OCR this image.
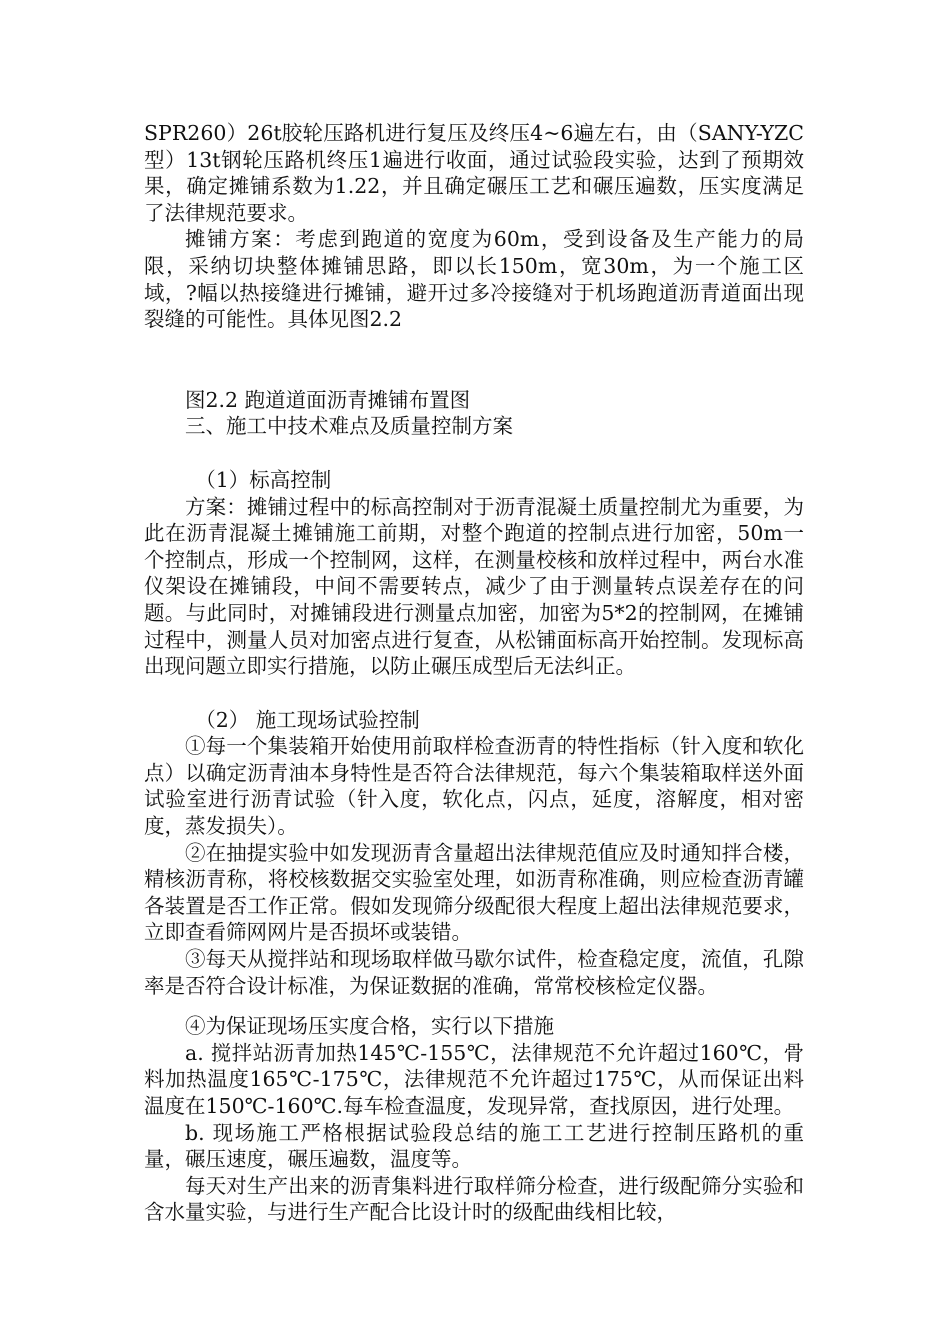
SPR260）26t胶轮压路机进行复压及终压4~6遍左右，由（SANY-YZC型）13t钢轮压路机终压1遍进行收面，通过试验段实验，达到了预期效果，确定摊铺系数为1.22，并且确定碾压工艺和碾压遍数，压实度满足了法律规范要求。

摊铺方案：考虑到跑道的宽度为60m，受到设备及生产能力的局限，采纳切块整体摊铺思路，即以长150m，宽30m，为一个施工区域，?幅以热接缝进行摊铺，避开过多冷接缝对于机场跑道沥青道面出现裂缝的可能性。具体见图2.2

图2.2 跑道道面沥青摊铺布置图

三、施工中技术难点及质量控制方案

（1）标高控制

方案：摊铺过程中的标高控制对于沥青混凝土质量控制尤为重要，为此在沥青混凝土摊铺施工前期，对整个跑道的控制点进行加密，50m一个控制点，形成一个控制网，这样，在测量校核和放样过程中，两台水准仪架设在摊铺段，中间不需要转点，减少了由于测量转点误差存在的问题。与此同时，对摊铺段进行测量点加密，加密为5*2的控制网，在摊铺过程中，测量人员对加密点进行复查，从松铺面标高开始控制。发现标高出现问题立即实行措施，以防止碾压成型后无法纠正。

（2） 施工现场试验控制

①每一个集装箱开始使用前取样检查沥青的特性指标（针入度和软化点）以确定沥青油本身特性是否符合法律规范，每六个集装箱取样送外面试验室进行沥青试验（针入度，软化点，闪点，延度，溶解度，相对密度，蒸发损失）。

②在抽提实验中如发现沥青含量超出法律规范值应及时通知拌合楼，精核沥青称，将校核数据交实验室处理，如沥青称准确，则应检查沥青罐各装置是否工作正常。假如发现筛分级配很大程度上超出法律规范要求，立即查看筛网网片是否损坏或装错。

③每天从搅拌站和现场取样做马歇尔试件，检查稳定度，流值，孔隙率是否符合设计标准，为保证数据的准确，常常校核检定仪器。

④为保证现场压实度合格，实行以下措施

a. 搅拌站沥青加热145℃-155℃，法律规范不允许超过160℃，骨料加热温度165℃-175℃，法律规范不允许超过175℃，从而保证出料温度在150℃-160℃.每车检查温度，发现异常，查找原因，进行处理。

b. 现场施工严格根据试验段总结的施工工艺进行控制压路机的重量，碾压速度，碾压遍数，温度等。

每天对生产出来的沥青集料进行取样筛分检查，进行级配筛分实验和含水量实验，与进行生产配合比设计时的级配曲线相比较，
